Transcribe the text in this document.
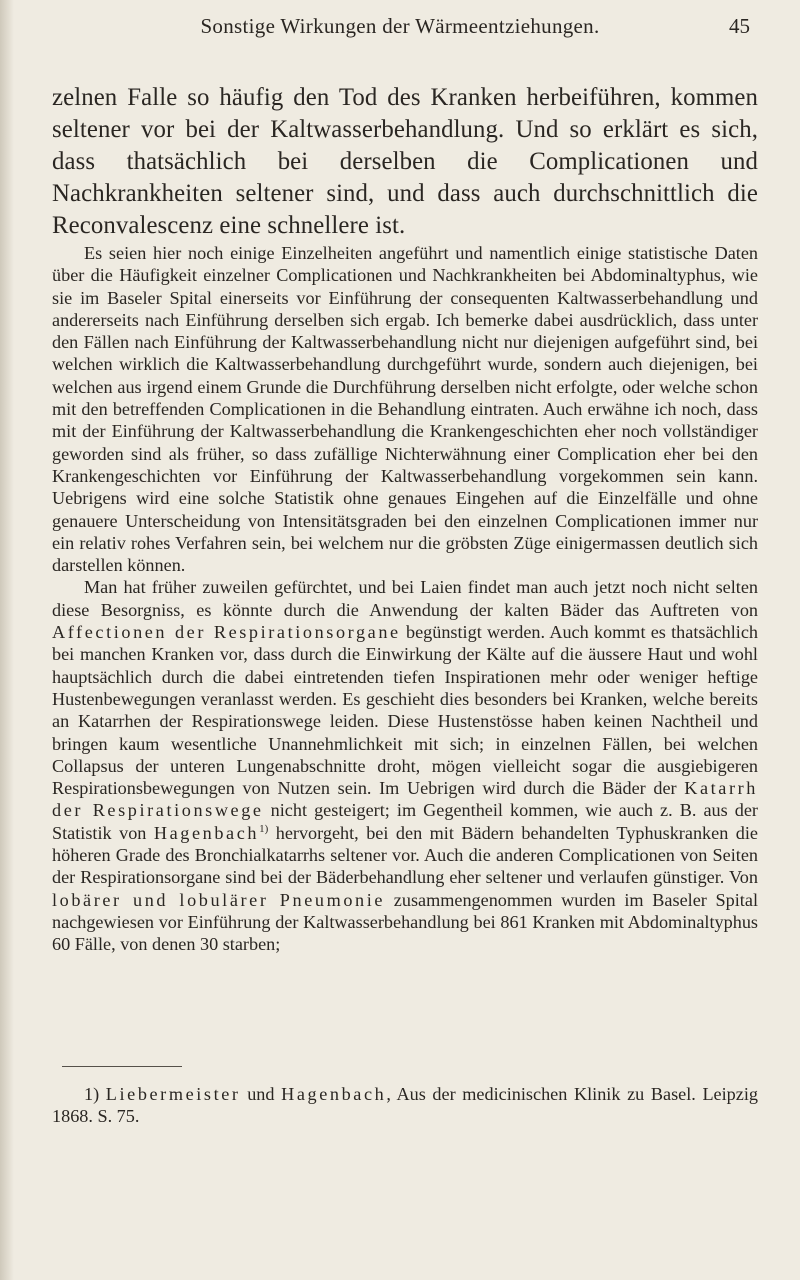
Sonstige Wirkungen der Wärmeentziehungen.	45

zelnen Falle so häufig den Tod des Kranken herbeiführen, kommen seltener vor bei der Kaltwasserbehandlung. Und so erklärt es sich, dass thatsächlich bei derselben die Complicationen und Nachkrankheiten seltener sind, und dass auch durchschnittlich die Reconvalescenz eine schnellere ist.

Es seien hier noch einige Einzelheiten angeführt und namentlich einige statistische Daten über die Häufigkeit einzelner Complicationen und Nachkrankheiten bei Abdominaltyphus, wie sie im Baseler Spital einerseits vor Einführung der consequenten Kaltwasserbehandlung und andererseits nach Einführung derselben sich ergab. Ich bemerke dabei ausdrücklich, dass unter den Fällen nach Einführung der Kaltwasserbehandlung nicht nur diejenigen aufgeführt sind, bei welchen wirklich die Kaltwasserbehandlung durchgeführt wurde, sondern auch diejenigen, bei welchen aus irgend einem Grunde die Durchführung derselben nicht erfolgte, oder welche schon mit den betreffenden Complicationen in die Behandlung eintraten. Auch erwähne ich noch, dass mit der Einführung der Kaltwasserbehandlung die Krankengeschichten eher noch vollständiger geworden sind als früher, so dass zufällige Nichterwähnung einer Complication eher bei den Krankengeschichten vor Einführung der Kaltwasserbehandlung vorgekommen sein kann. Uebrigens wird eine solche Statistik ohne genaues Eingehen auf die Einzelfälle und ohne genauere Unterscheidung von Intensitätsgraden bei den einzelnen Complicationen immer nur ein relativ rohes Verfahren sein, bei welchem nur die gröbsten Züge einigermassen deutlich sich darstellen können.

Man hat früher zuweilen gefürchtet, und bei Laien findet man auch jetzt noch nicht selten diese Besorgniss, es könnte durch die Anwendung der kalten Bäder das Auftreten von Affectionen der Respirationsorgane begünstigt werden. Auch kommt es thatsächlich bei manchen Kranken vor, dass durch die Einwirkung der Kälte auf die äussere Haut und wohl hauptsächlich durch die dabei eintretenden tiefen Inspirationen mehr oder weniger heftige Hustenbewegungen veranlasst werden. Es geschieht dies besonders bei Kranken, welche bereits an Katarrhen der Respirationswege leiden. Diese Hustenstösse haben keinen Nachtheil und bringen kaum wesentliche Unannehmlichkeit mit sich; in einzelnen Fällen, bei welchen Collapsus der unteren Lungenabschnitte droht, mögen vielleicht sogar die ausgiebigeren Respirationsbewegungen von Nutzen sein. Im Uebrigen wird durch die Bäder der Katarrh der Respirationswege nicht gesteigert; im Gegentheil kommen, wie auch z. B. aus der Statistik von Hagenbach$^{1)}$ hervorgeht, bei den mit Bädern behandelten Typhuskranken die höheren Grade des Bronchialkatarrhs seltener vor. Auch die anderen Complicationen von Seiten der Respirationsorgane sind bei der Bäderbehandlung eher seltener und verlaufen günstiger. Von lobärer und lobulärer Pneumonie zusammengenommen wurden im Baseler Spital nachgewiesen vor Einführung der Kaltwasserbehandlung bei 861 Kranken mit Abdominaltyphus 60 Fälle, von denen 30 starben;

1) Liebermeister und Hagenbach, Aus der medicinischen Klinik zu Basel. Leipzig 1868. S. 75.
